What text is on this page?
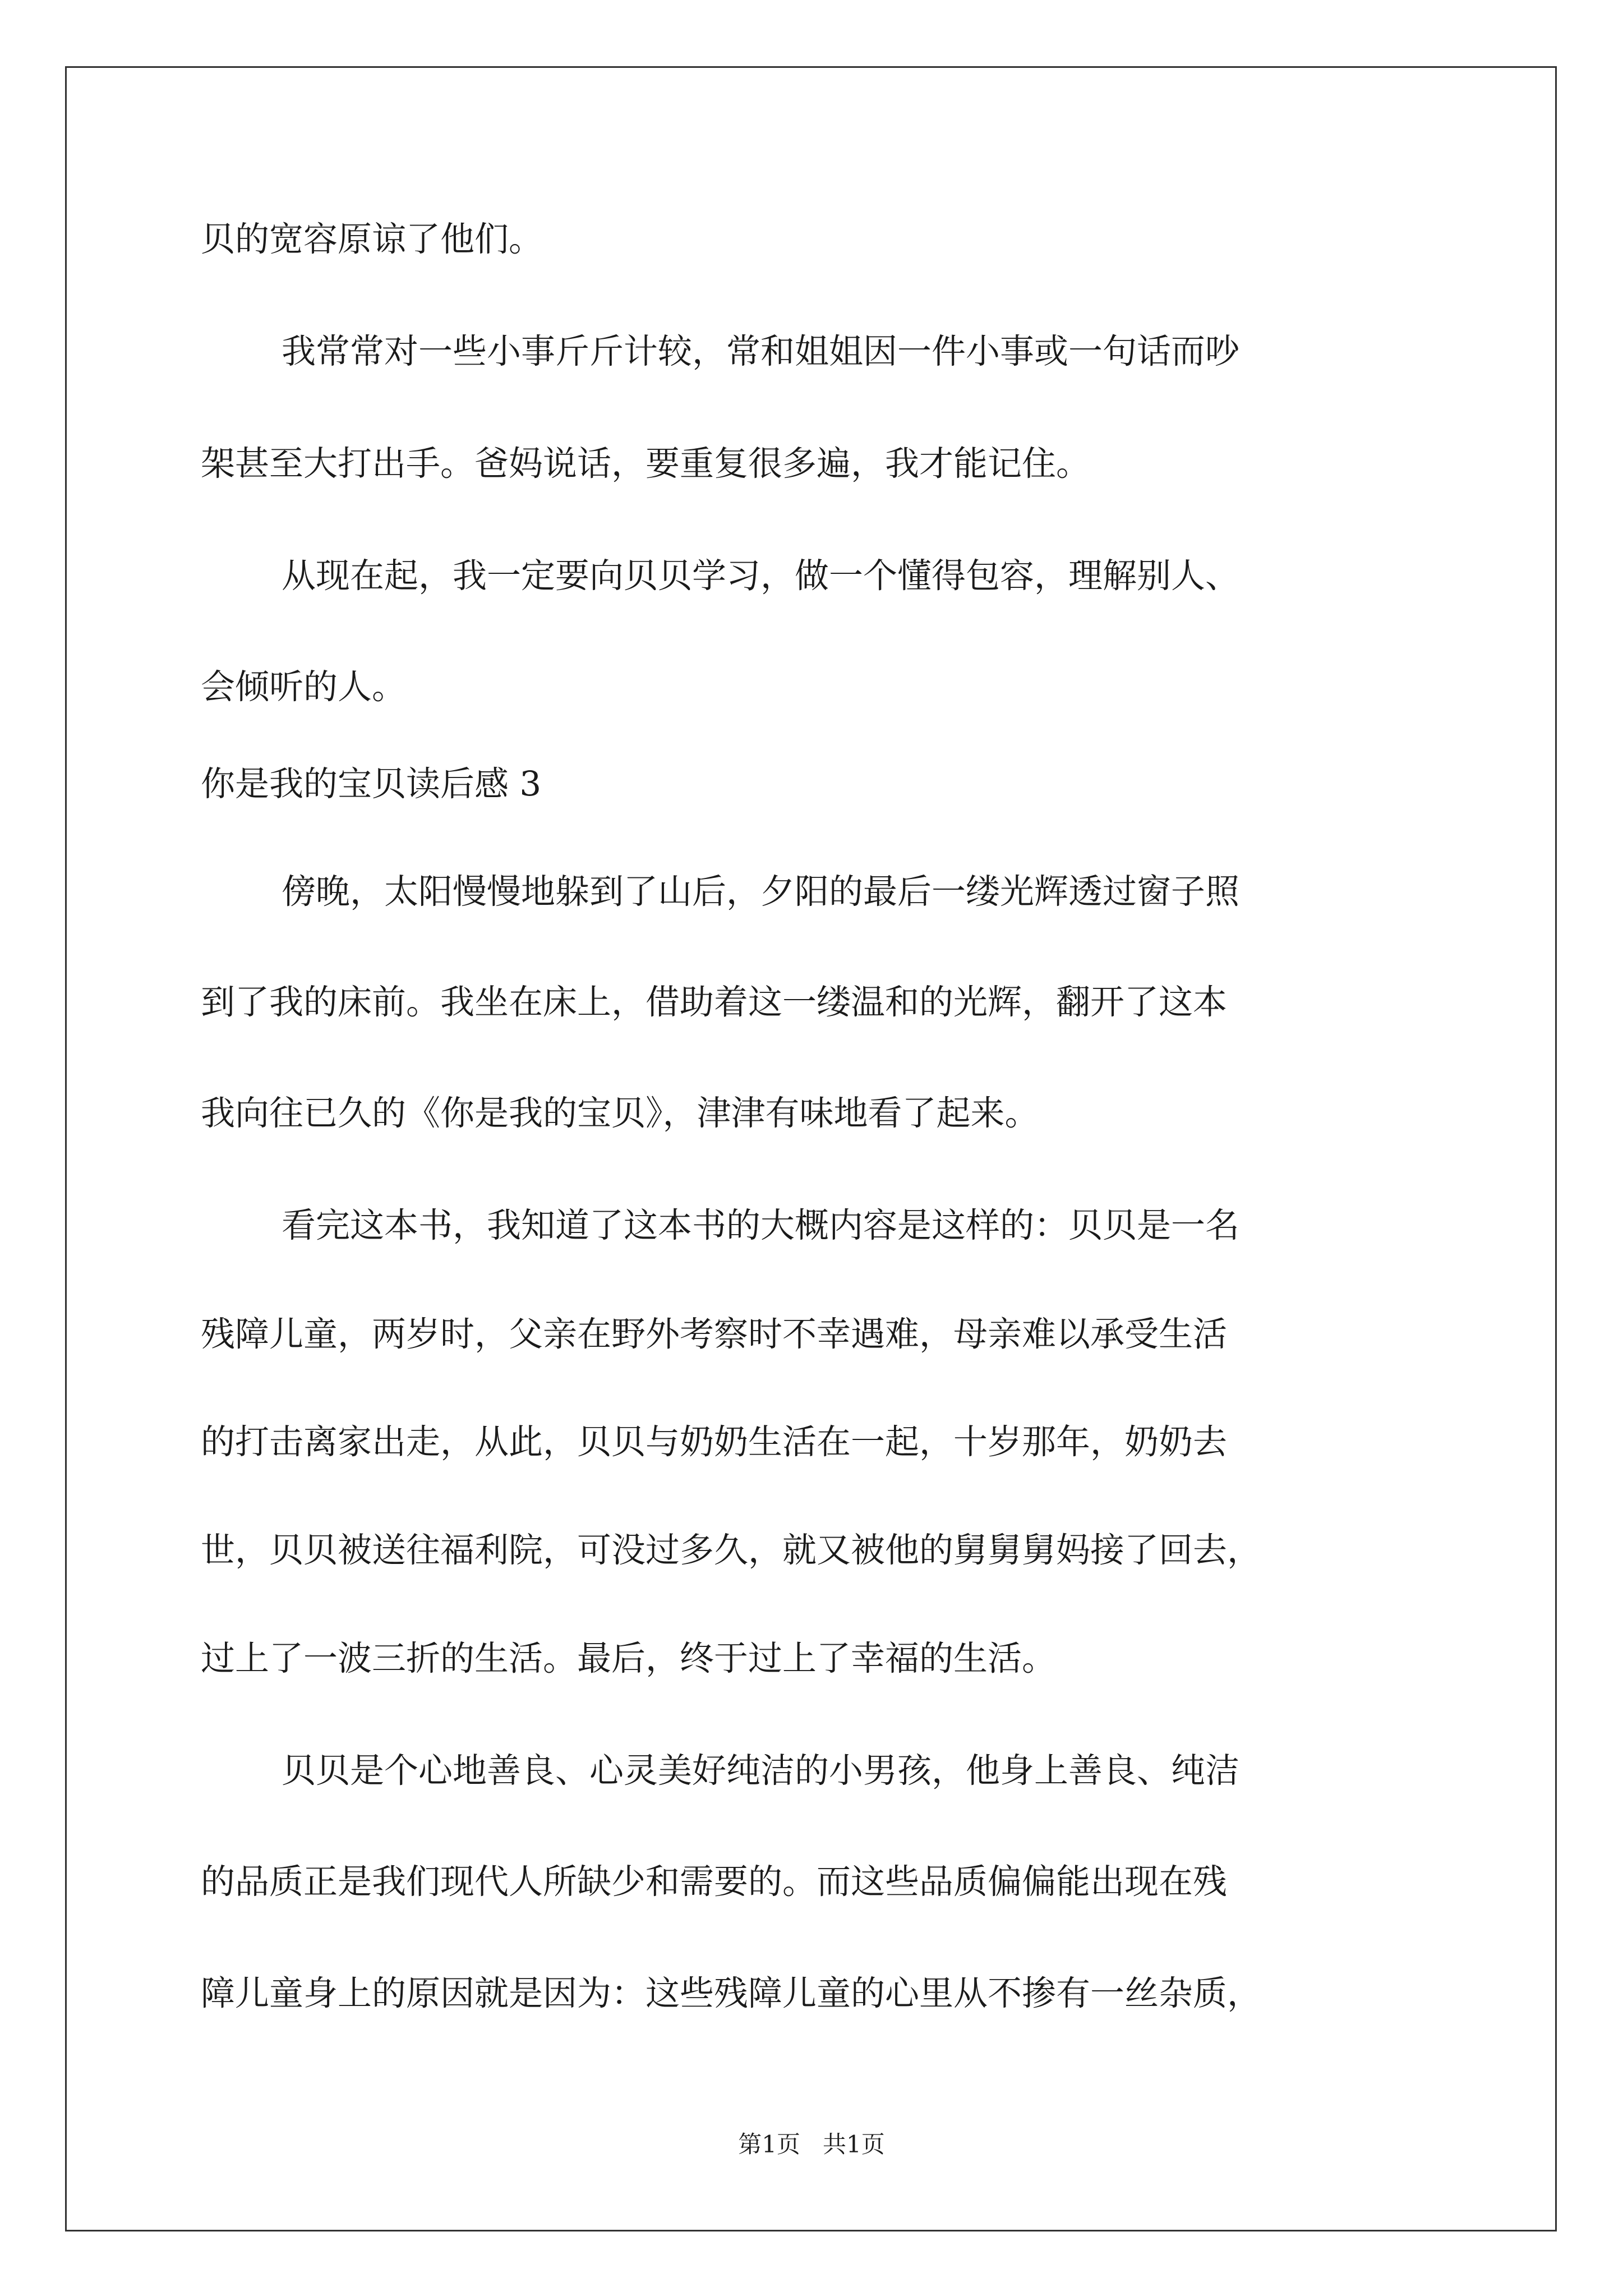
贝的宽容原谅了他们。

我常常对一些小事斤斤计较，常和姐姐因一件小事或一句话而吵

架甚至大打出手。爸妈说话，要重复很多遍，我才能记住。

从现在起，我一定要向贝贝学习，做一个懂得包容，理解别人、

会倾听的人。

你是我的宝贝读后感 3

傍晚，太阳慢慢地躲到了山后，夕阳的最后一缕光辉透过窗子照

到了我的床前。我坐在床上，借助着这一缕温和的光辉，翻开了这本

我向往已久的《你是我的宝贝》，津津有味地看了起来。

看完这本书，我知道了这本书的大概内容是这样的：贝贝是一名

残障儿童，两岁时，父亲在野外考察时不幸遇难，母亲难以承受生活

的打击离家出走，从此，贝贝与奶奶生活在一起，十岁那年，奶奶去

世，贝贝被送往福利院，可没过多久，就又被他的舅舅舅妈接了回去，

过上了一波三折的生活。最后，终于过上了幸福的生活。

贝贝是个心地善良、心灵美好纯洁的小男孩，他身上善良、纯洁

的品质正是我们现代人所缺少和需要的。而这些品质偏偏能出现在残

障儿童身上的原因就是因为：这些残障儿童的心里从不掺有一丝杂质，

第1页   共1页
